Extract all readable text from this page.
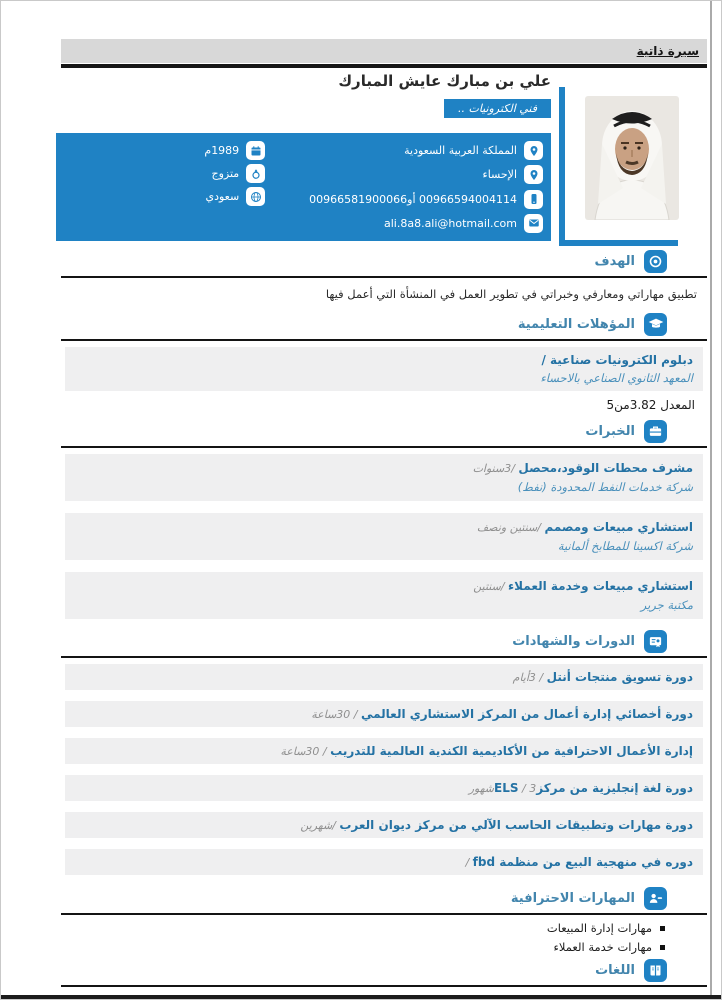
سيرة ذاتية
علي بن مبارك عايش المبارك
فني الكترونيات ..
المملكة العربية السعودية
الإحساء
00966594004114 أو00966581900066
ali.8a8.ali@hotmail.com
1989م
متزوج
سعودي
الهدف
تطبيق مهاراتي ومعارفي وخبراتي في تطوير العمل في المنشأة التي أعمل فيها
المؤهلات التعليمية
دبلوم الكترونيات صناعية /
المعهد الثانوي الصناعي بالاحساء
المعدل 3.82من5
الخبرات
مشرف محطات الوقود،محصل /3سنوات
شركة خدمات النفط المحدودة (نفط)
استشاري مبيعات ومصمم /سنتين ونصف
شركة اكسينا للمطابخ ألمانية
استشاري مبيعات وخدمة العملاء /سنتين
مكتبة جرير
الدورات والشهادات
دورة تسويق منتجات أنتل / 3أيام
دورة أخصائي إدارة أعمال من المركز الاستشاري العالمي / 30ساعة
إدارة الأعمال الاحترافية من الأكاديمية الكندية العالمية للتدريب / 30ساعة
دورة لغة إنجليزية من مركزELS / 3شهور
دورة مهارات وتطبيقات الحاسب الآلي من مركز ديوان العرب /شهرين
دوره في منهجية البيع من منظمة fbd /
المهارات الاحترافية
مهارات إدارة المبيعات
مهارات خدمة العملاء
اللغات
